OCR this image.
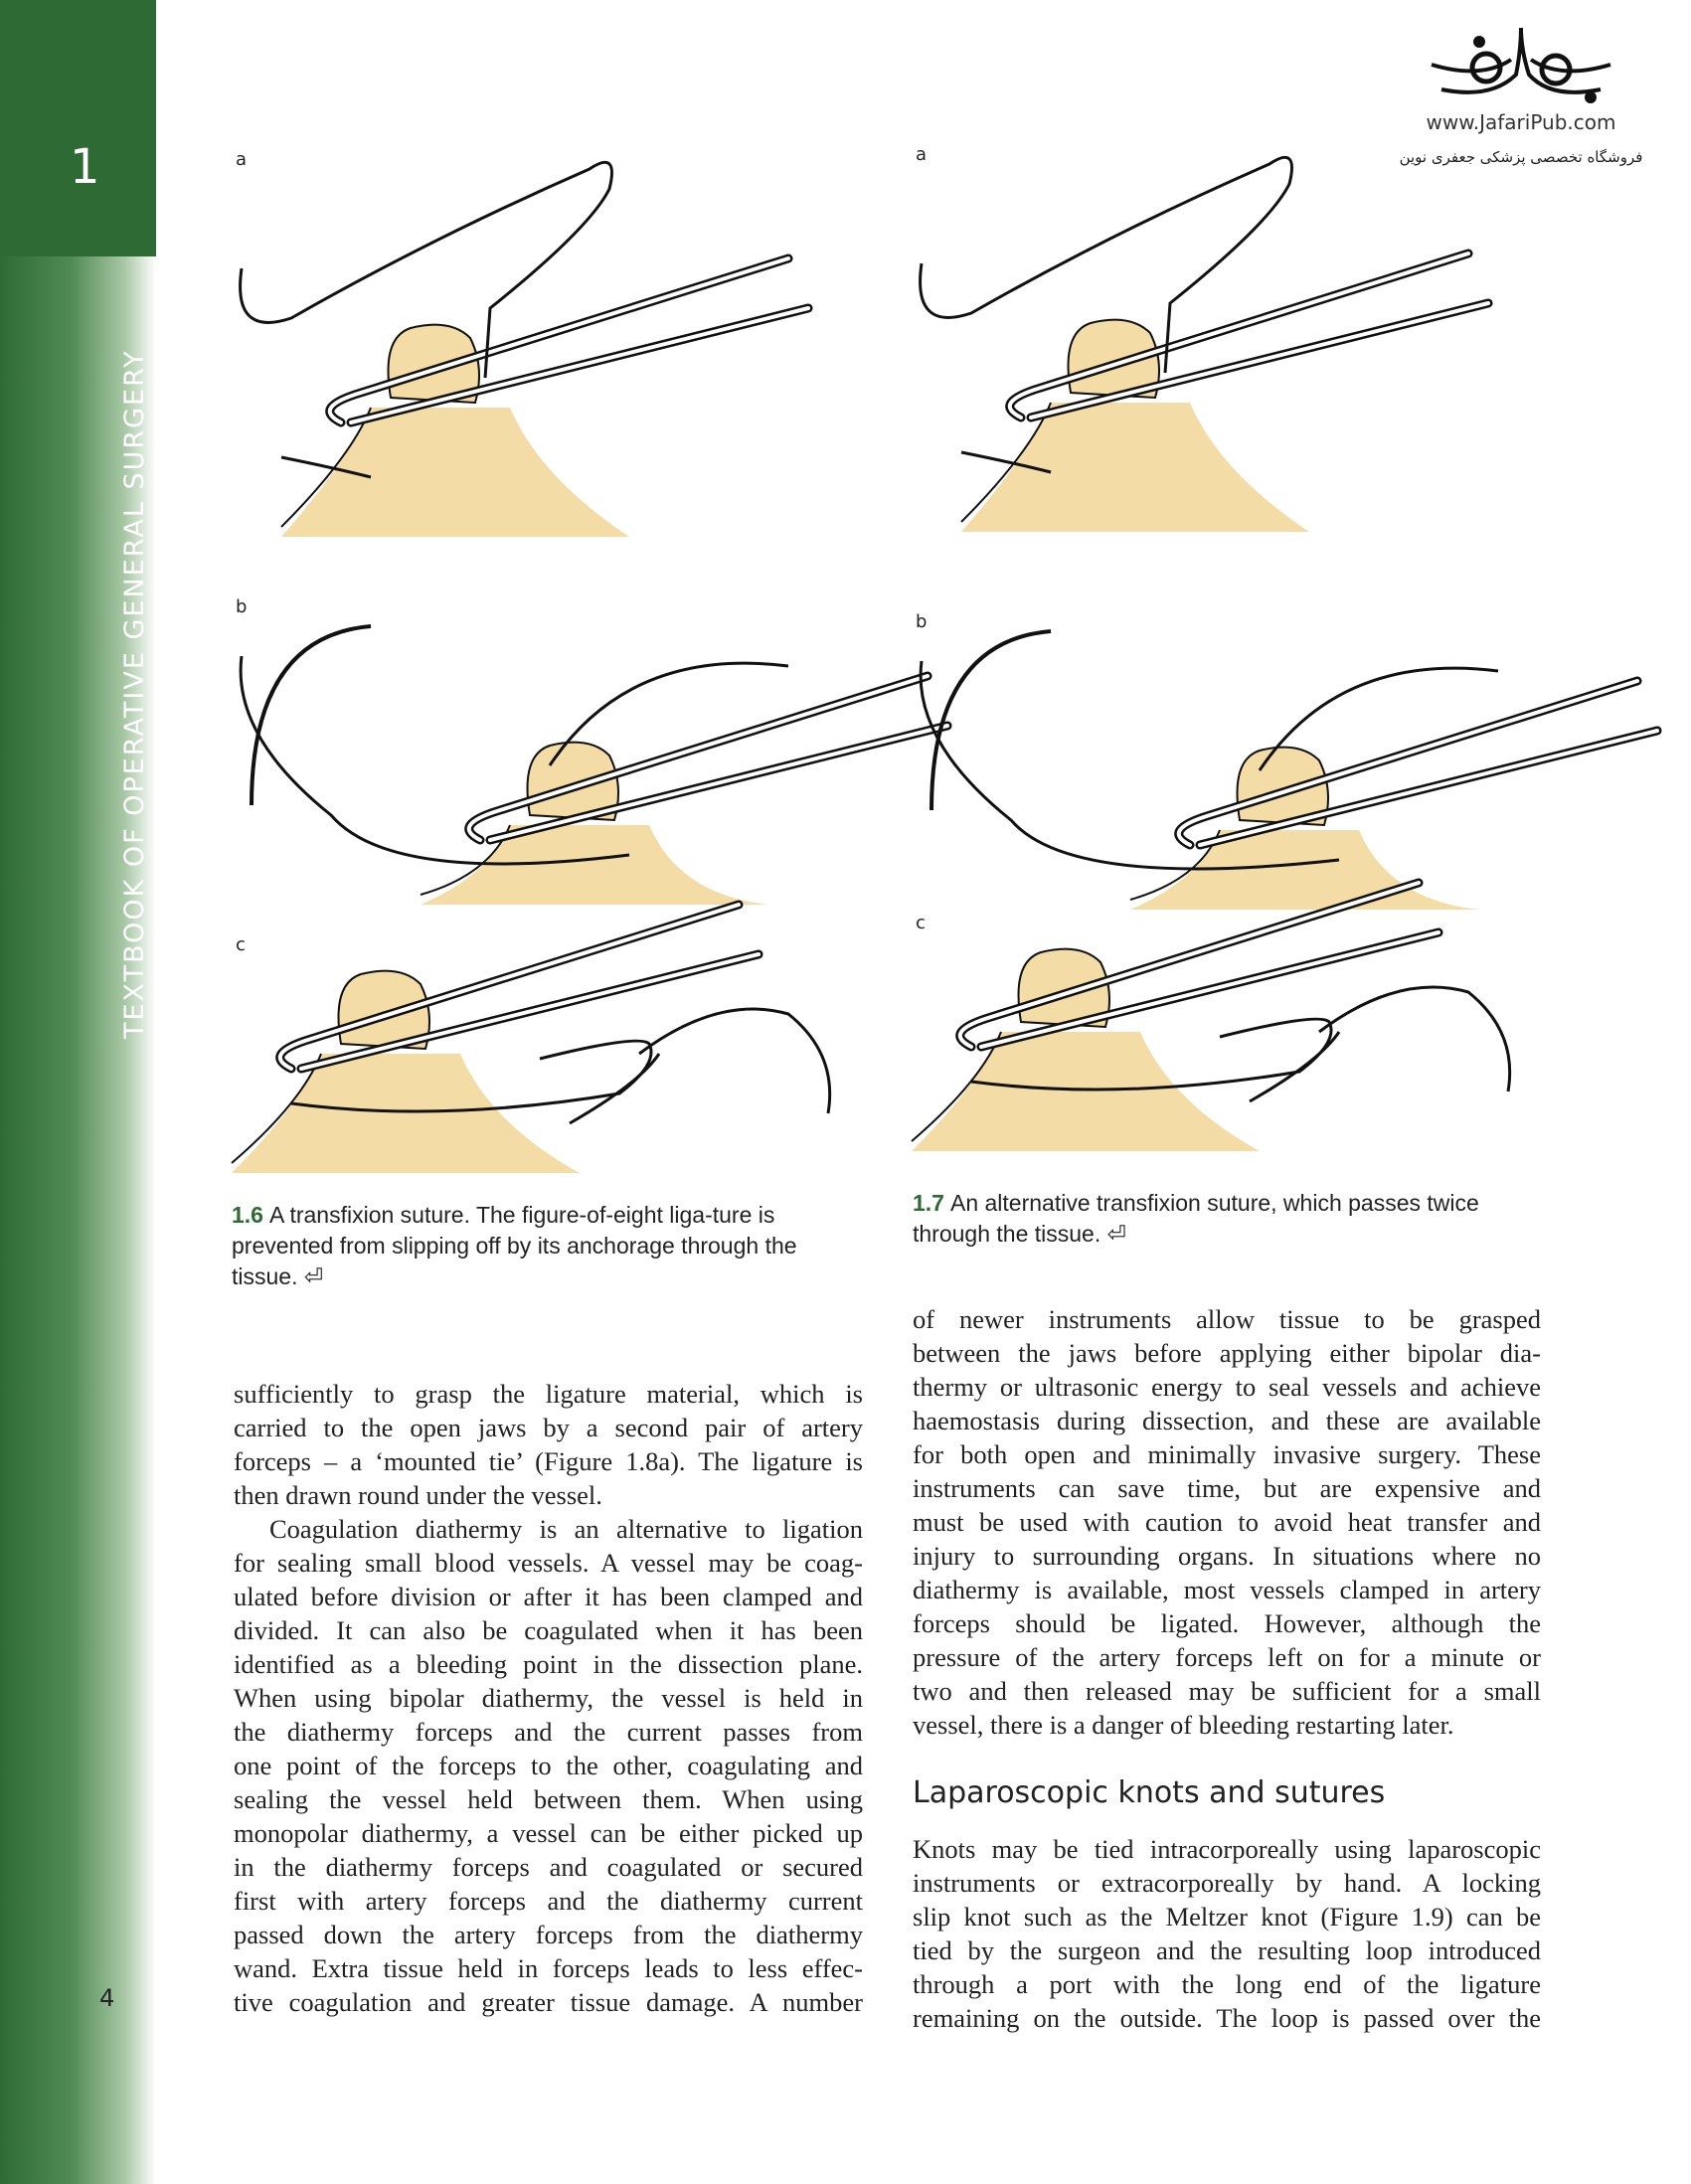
1
TEXTBOOK OF OPERATIVE GENERAL SURGERY
4
www.JafariPub.com
فروشگاه تخصصی پزشکی جعفری نوین
a
b
c
a
b
c
1.6 A transfixion suture. The figure-of-eight liga-ture is prevented from slipping off by its anchorage through the tissue. ⏎
1.7 An alternative transfixion suture, which passes twice through the tissue. ⏎
sufficiently to grasp the ligature material, which is
carried to the open jaws by a second pair of artery
forceps – a ‘mounted tie’ (Figure 1.8a). The ligature is
then drawn round under the vessel.
Coagulation diathermy is an alternative to ligation
for sealing small blood vessels. A vessel may be coag-
ulated before division or after it has been clamped and
divided. It can also be coagulated when it has been
identified as a bleeding point in the dissection plane.
When using bipolar diathermy, the vessel is held in
the diathermy forceps and the current passes from
one point of the forceps to the other, coagulating and
sealing the vessel held between them. When using
monopolar diathermy, a vessel can be either picked up
in the diathermy forceps and coagulated or secured
first with artery forceps and the diathermy current
passed down the artery forceps from the diathermy
wand. Extra tissue held in forceps leads to less effec-
tive coagulation and greater tissue damage. A number
of newer instruments allow tissue to be grasped
between the jaws before applying either bipolar dia-
thermy or ultrasonic energy to seal vessels and achieve
haemostasis during dissection, and these are available
for both open and minimally invasive surgery. These
instruments can save time, but are expensive and
must be used with caution to avoid heat transfer and
injury to surrounding organs. In situations where no
diathermy is available, most vessels clamped in artery
forceps should be ligated. However, although the
pressure of the artery forceps left on for a minute or
two and then released may be sufficient for a small
vessel, there is a danger of bleeding restarting later.
Laparoscopic knots and sutures
Knots may be tied intracorporeally using laparoscopic
instruments or extracorporeally by hand. A locking
slip knot such as the Meltzer knot (Figure 1.9) can be
tied by the surgeon and the resulting loop introduced
through a port with the long end of the ligature
remaining on the outside. The loop is passed over the
